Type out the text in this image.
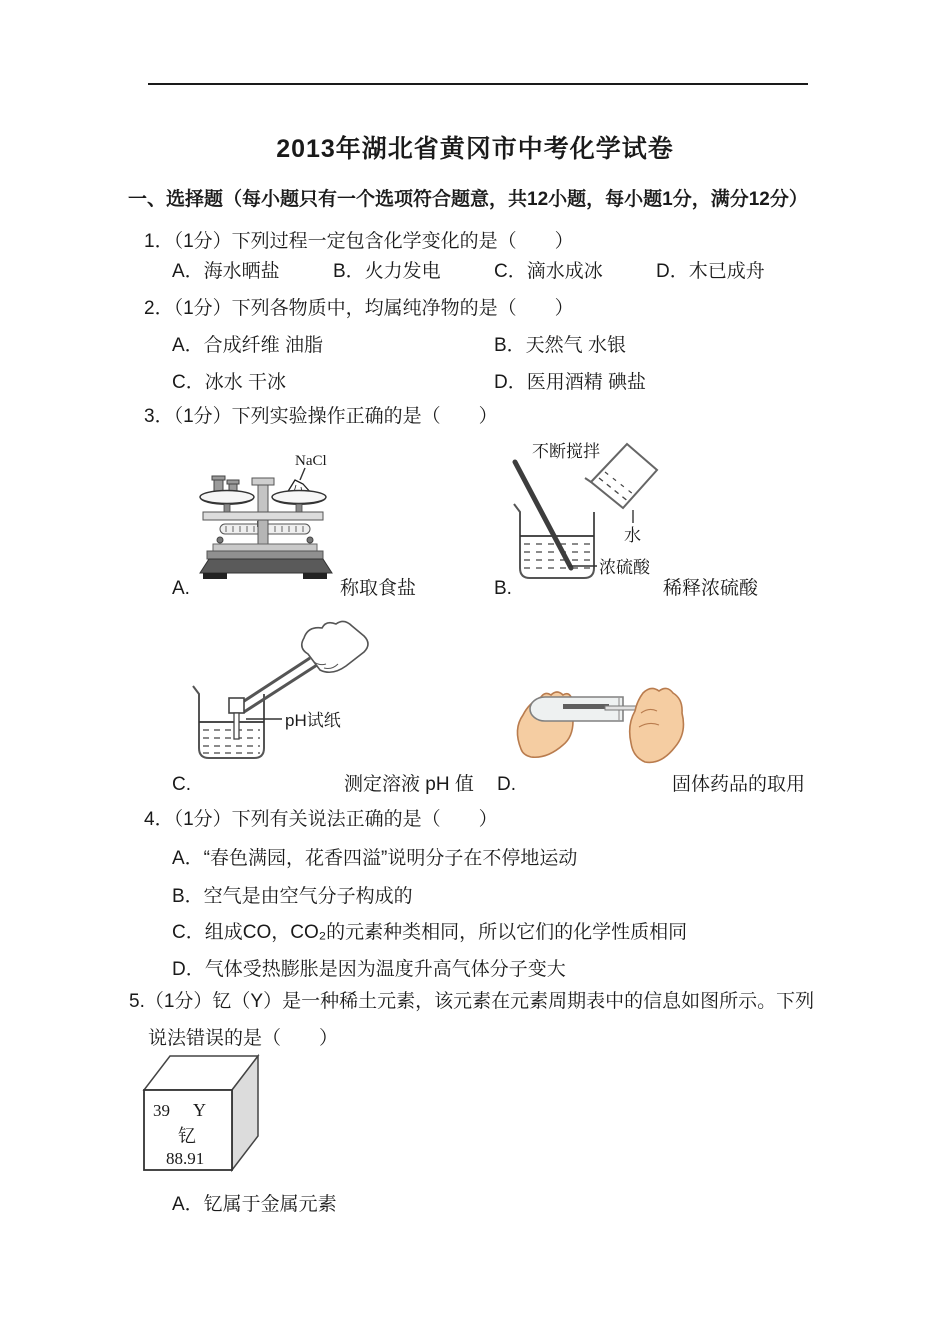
2013年湖北省黄冈市中考化学试卷
一、选择题（每小题只有一个选项符合题意，共12小题，每小题1分，满分12分）
1．（1分）下列过程一定包含化学变化的是（　　）
A．海水晒盐	B．火力发电	C．滴水成冰	D．木已成舟
2．（1分）下列各物质中，均属纯净物的是（　　）
A．合成纤维 油脂	B．天然气 水银
C．冰水 干冰	D．医用酒精 碘盐
3．（1分）下列实验操作正确的是（　　）
NaCl
A.	称取食盐
不断搅拌
水
浓硫酸
B.	稀释浓硫酸
pH试纸
C.	测定溶液 pH 值 D.	固体药品的取用
4．（1分）下列有关说法正确的是（　　）
A．“春色满园，花香四溢”说明分子在不停地运动
B．空气是由空气分子构成的
C．组成CO，CO₂的元素种类相同，所以它们的化学性质相同
D．气体受热膨胀是因为温度升高气体分子变大
5.（1分）钇（Y）是一种稀土元素，该元素在元素周期表中的信息如图所示。下列
说法错误的是（　　）
39 Y
钇
88.91
A．钇属于金属元素
